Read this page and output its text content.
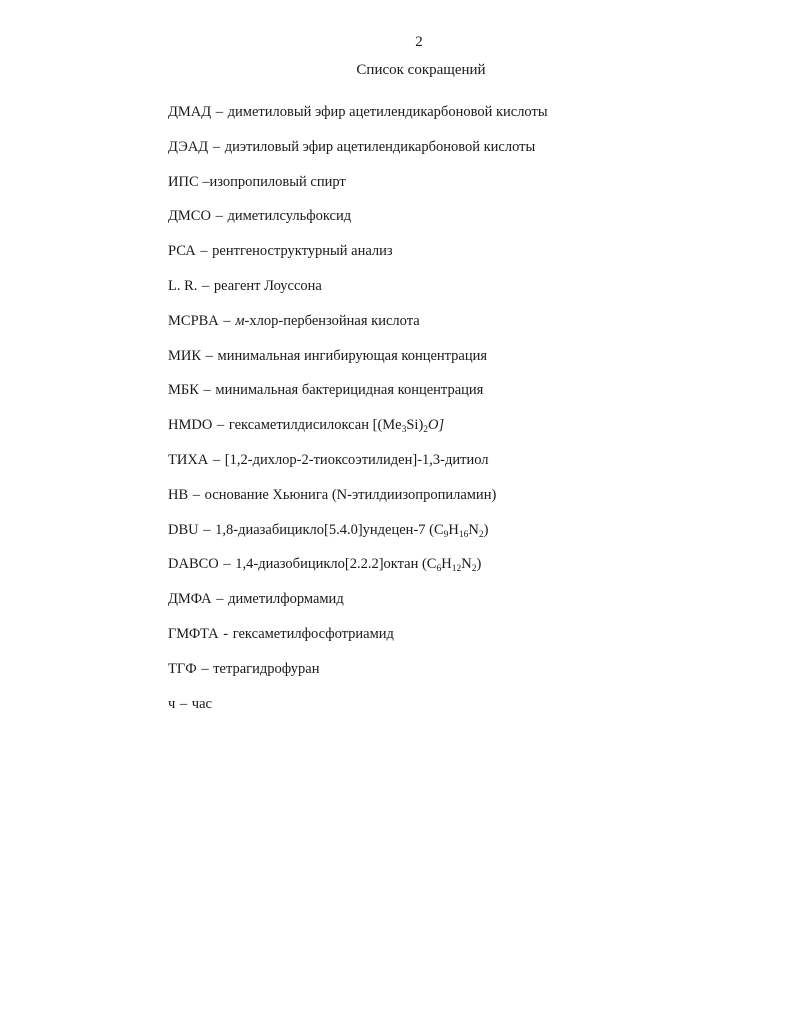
2
Список сокращений
ДМАД – диметиловый эфир ацетилендикарбоновой кислоты
ДЭАД – диэтиловый эфир ацетилендикарбоновой кислоты
ИПС –изопропиловый спирт
ДМСО – диметилсульфоксид
РСА – рентгеноструктурный анализ
L. R. – реагент Лоуссона
MCPBA – м-хлор-пербензойная кислота
МИК – минимальная ингибирующая концентрация
МБК – минимальная бактерицидная концентрация
HMDO – гексаметилдисилоксан $[(Me_3Si)_2O]$
ТИХА – [1,2-дихлор-2-тиоксоэтилиден]-1,3-дитиол
HB – основание Хьюнига (N-этилдиизопропиламин)
DBU – 1,8-диазабицикло[5.4.0]ундецен-7 $(C_9H_{16}N_2)$
DABCO – 1,4-диазобицикло[2.2.2]октан $(C_6H_{12}N_2)$
ДМФА – диметилформамид
ГМФТА - гексаметилфосфотриамид
ТГФ – тетрагидрофуран
ч – час
